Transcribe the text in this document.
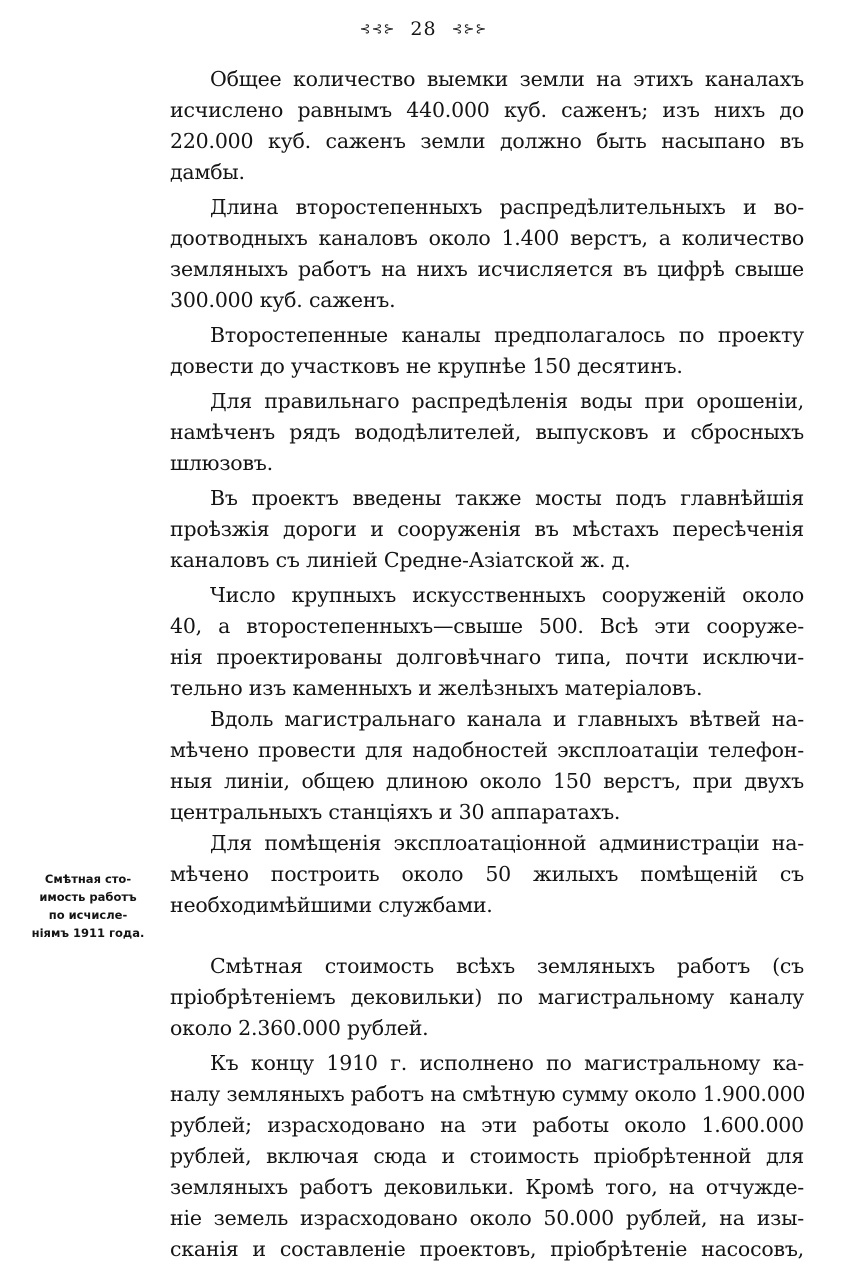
⊰⊰⊱ 28 ⊰⊱⊱
Смѣтная сто-
имость работъ
по исчисле-
ніямъ 1911 года.
Общее количество выемки земли на этихъ каналахъ
исчислено равнымъ 440.000 куб. саженъ; изъ нихъ до
220.000 куб. саженъ земли должно быть насыпано въ
дамбы.
Длина второстепенныхъ распредѣлительныхъ и во-
доотводныхъ каналовъ около 1.400 верстъ, а количество
земляныхъ работъ на нихъ исчисляется въ цифрѣ свыше
300.000 куб. саженъ.
Второстепенные каналы предполагалось по проекту
довести до участковъ не крупнѣе 150 десятинъ.
Для правильнаго распредѣленія воды при орошеніи,
намѣченъ рядъ вододѣлителей, выпусковъ и сбросныхъ
шлюзовъ.
Въ проектъ введены также мосты подъ главнѣйшія
проѣзжія дороги и сооруженія въ мѣстахъ пересѣченія
каналовъ съ линіей Средне-Азіатской ж. д.
Число крупныхъ искусственныхъ сооруженій около
40, а второстепенныхъ—свыше 500. Всѣ эти сооруже-
нія проектированы долговѣчнаго типа, почти исключи-
тельно изъ каменныхъ и желѣзныхъ матеріаловъ.
Вдоль магистральнаго канала и главныхъ вѣтвей на-
мѣчено провести для надобностей эксплоатаціи телефон-
ныя линіи, общею длиною около 150 верстъ, при двухъ
центральныхъ станціяхъ и 30 аппаратахъ.
Для помѣщенія эксплоатаціонной администраціи на-
мѣчено построить около 50 жилыхъ помѣщеній съ
необходимѣйшими службами.
Смѣтная стоимость всѣхъ земляныхъ работъ (съ
пріобрѣтеніемъ дековильки) по магистральному каналу
около 2.360.000 рублей.
Къ концу 1910 г. исполнено по магистральному ка-
налу земляныхъ работъ на смѣтную сумму около 1.900.000
рублей; израсходовано на эти работы около 1.600.000
рублей, включая сюда и стоимость пріобрѣтенной для
земляныхъ работъ дековильки. Кромѣ того, на отчужде-
ніе земель израсходовано около 50.000 рублей, на изы-
сканія и составленіе проектовъ, пріобрѣтеніе насосовъ,
